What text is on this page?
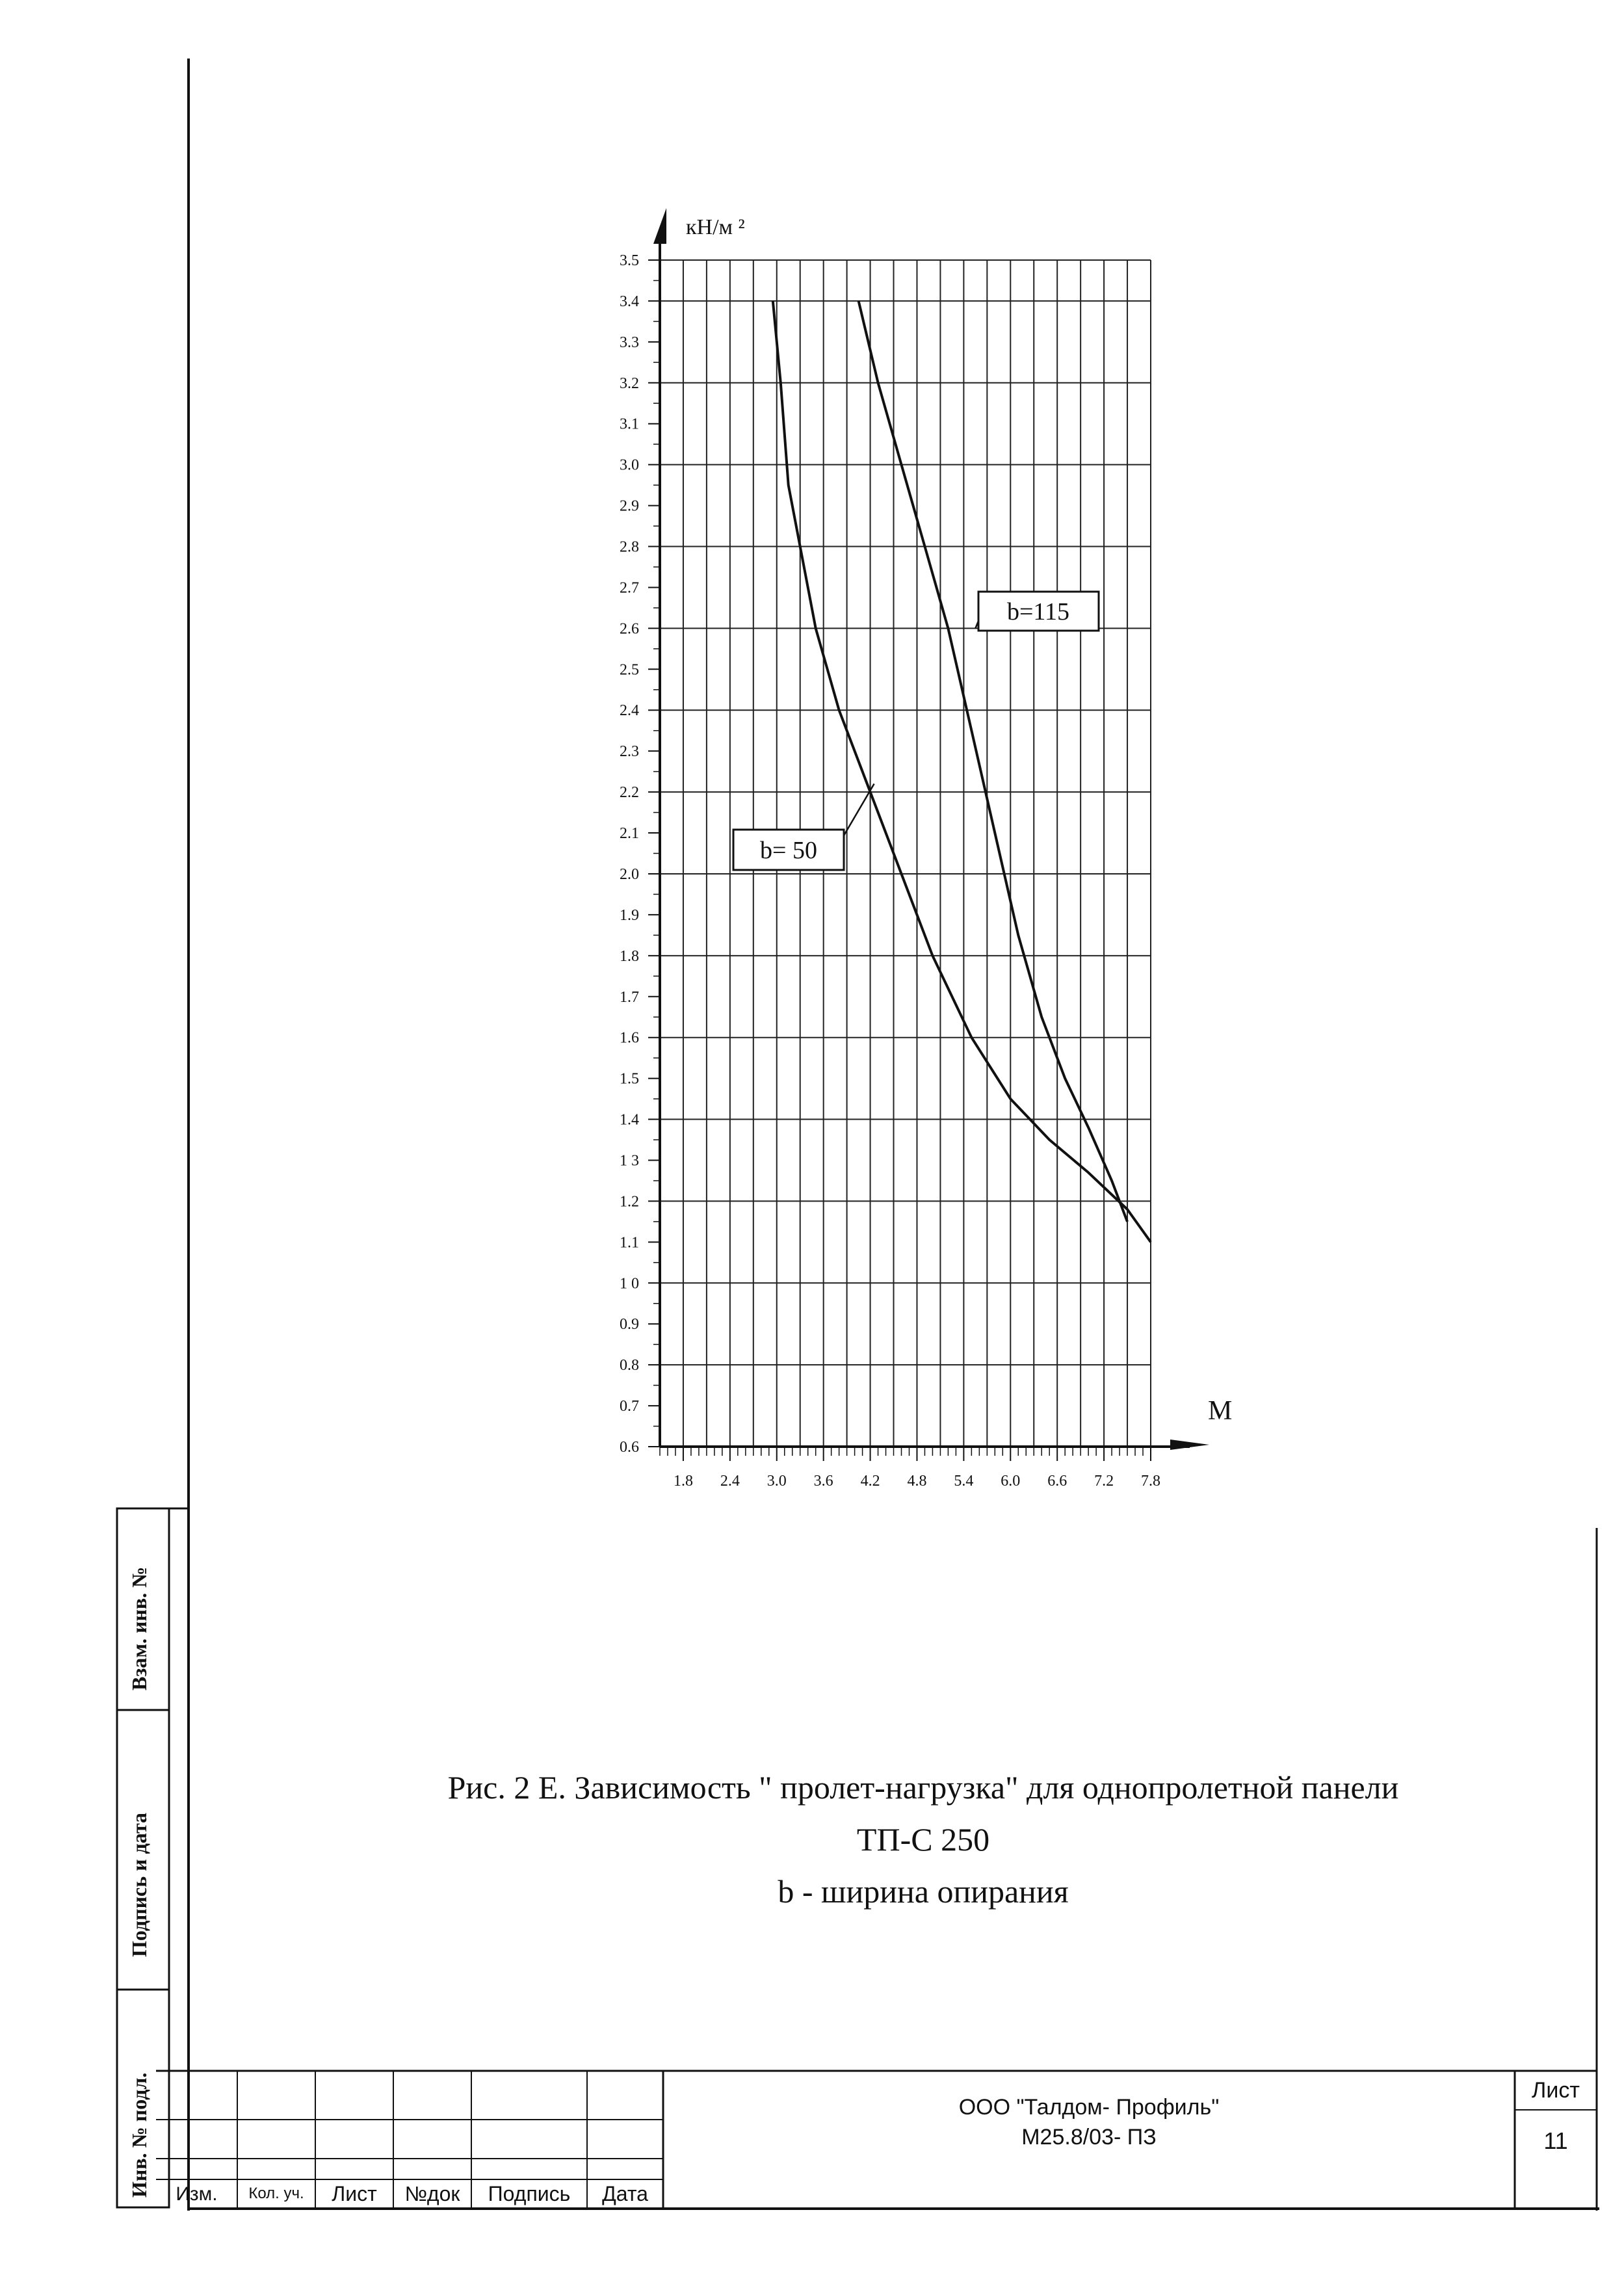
0.6
0.7
0.8
0.9
1 0
1.1
1.2
1 3
1.4
1.5
1.6
1.7
1.8
1.9
2.0
2.1
2.2
2.3
2.4
2.5
2.6
2.7
2.8
2.9
3.0
3.1
3.2
3.3
3.4
3.5
1.8 2.4 3.0 3.6 4.2 4.8 5.4 6.0 6.6 7.2 7.8
кН/м ²
M
b=115
b= 50
Рис. 2 Е. Зависимость " пролет-нагрузка" для однопролетной панели
ТП-С 250
b - ширина опирания
Взам. инв. №
Подпись и дата
Инв. № подл.	ООО "Талдом- Профиль"
М25.8/03- ПЗ
Лист
11
Изм.	Кол. уч.	Лист	№док	Подпись	Дата
